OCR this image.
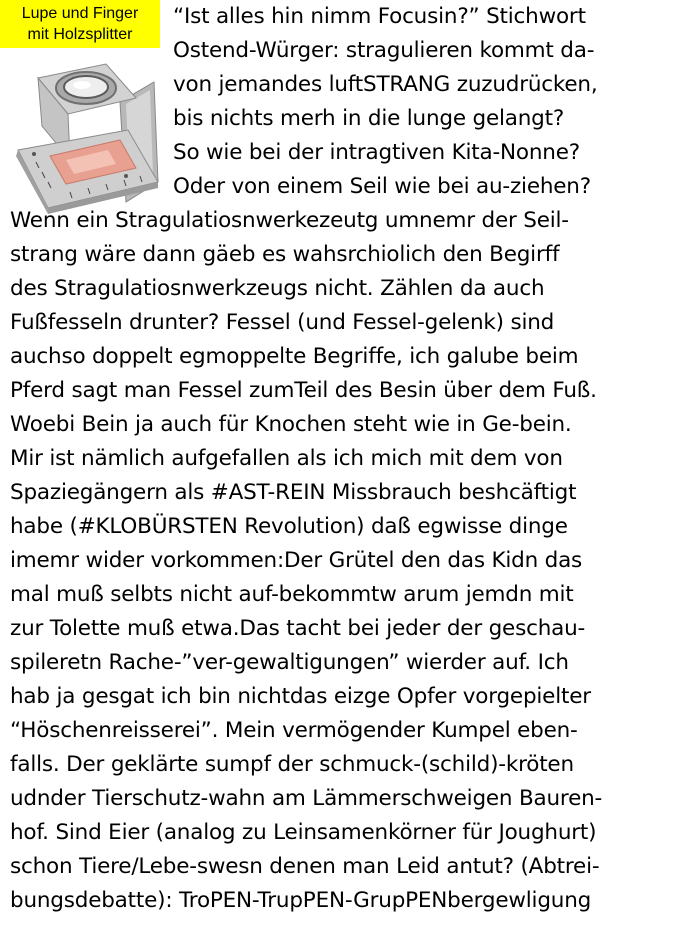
Lupe und Finger
mit Holzsplitter
“Ist alles hin nimm Focusin?” Stichwort
Ostend-Würger: stragulieren kommt da-
von jemandes luftSTRANG zuzudrücken,
bis nichts merh in die lunge gelangt?
So wie bei der intragtiven Kita-Nonne?
Oder von einem Seil wie bei au-ziehen?
Wenn ein Stragulatiosnwerkezeutg umnemr der Seil-
strang wäre dann gäeb es wahsrchiolich den Begirff
des Stragulatiosnwerkzeugs nicht. Zählen da auch
Fußfesseln drunter? Fessel (und Fessel-gelenk) sind
auchso doppelt egmoppelte Begriffe, ich galube beim
Pferd sagt man Fessel zumTeil des Besin über dem Fuß.
Woebi Bein ja auch für Knochen steht wie in Ge-bein.
Mir ist nämlich aufgefallen als ich mich mit dem von
Spaziegängern als #AST-REIN Missbrauch beshcäftigt
habe (#KLOBÜRSTEN Revolution) daß egwisse dinge
imemr wider vorkommen:Der Grütel den das Kidn das
mal muß selbts nicht auf-bekommtw arum jemdn mit
zur Tolette muß etwa.Das tacht bei jeder der geschau-
spileretn Rache-”ver-gewaltigungen” wierder auf. Ich
hab ja gesgat ich bin nichtdas eizge Opfer vorgepielter
“Höschenreisserei”. Mein vermögender Kumpel eben-
falls. Der geklärte sumpf der schmuck-(schild)-kröten
udnder Tierschutz-wahn am Lämmerschweigen Bauren-
hof. Sind Eier (analog zu Leinsamenkörner für Joughurt)
schon Tiere/Lebe-swesn denen man Leid antut? (Abtrei-
bungsdebatte): TroPEN-TrupPEN-GrupPENbergewligung
